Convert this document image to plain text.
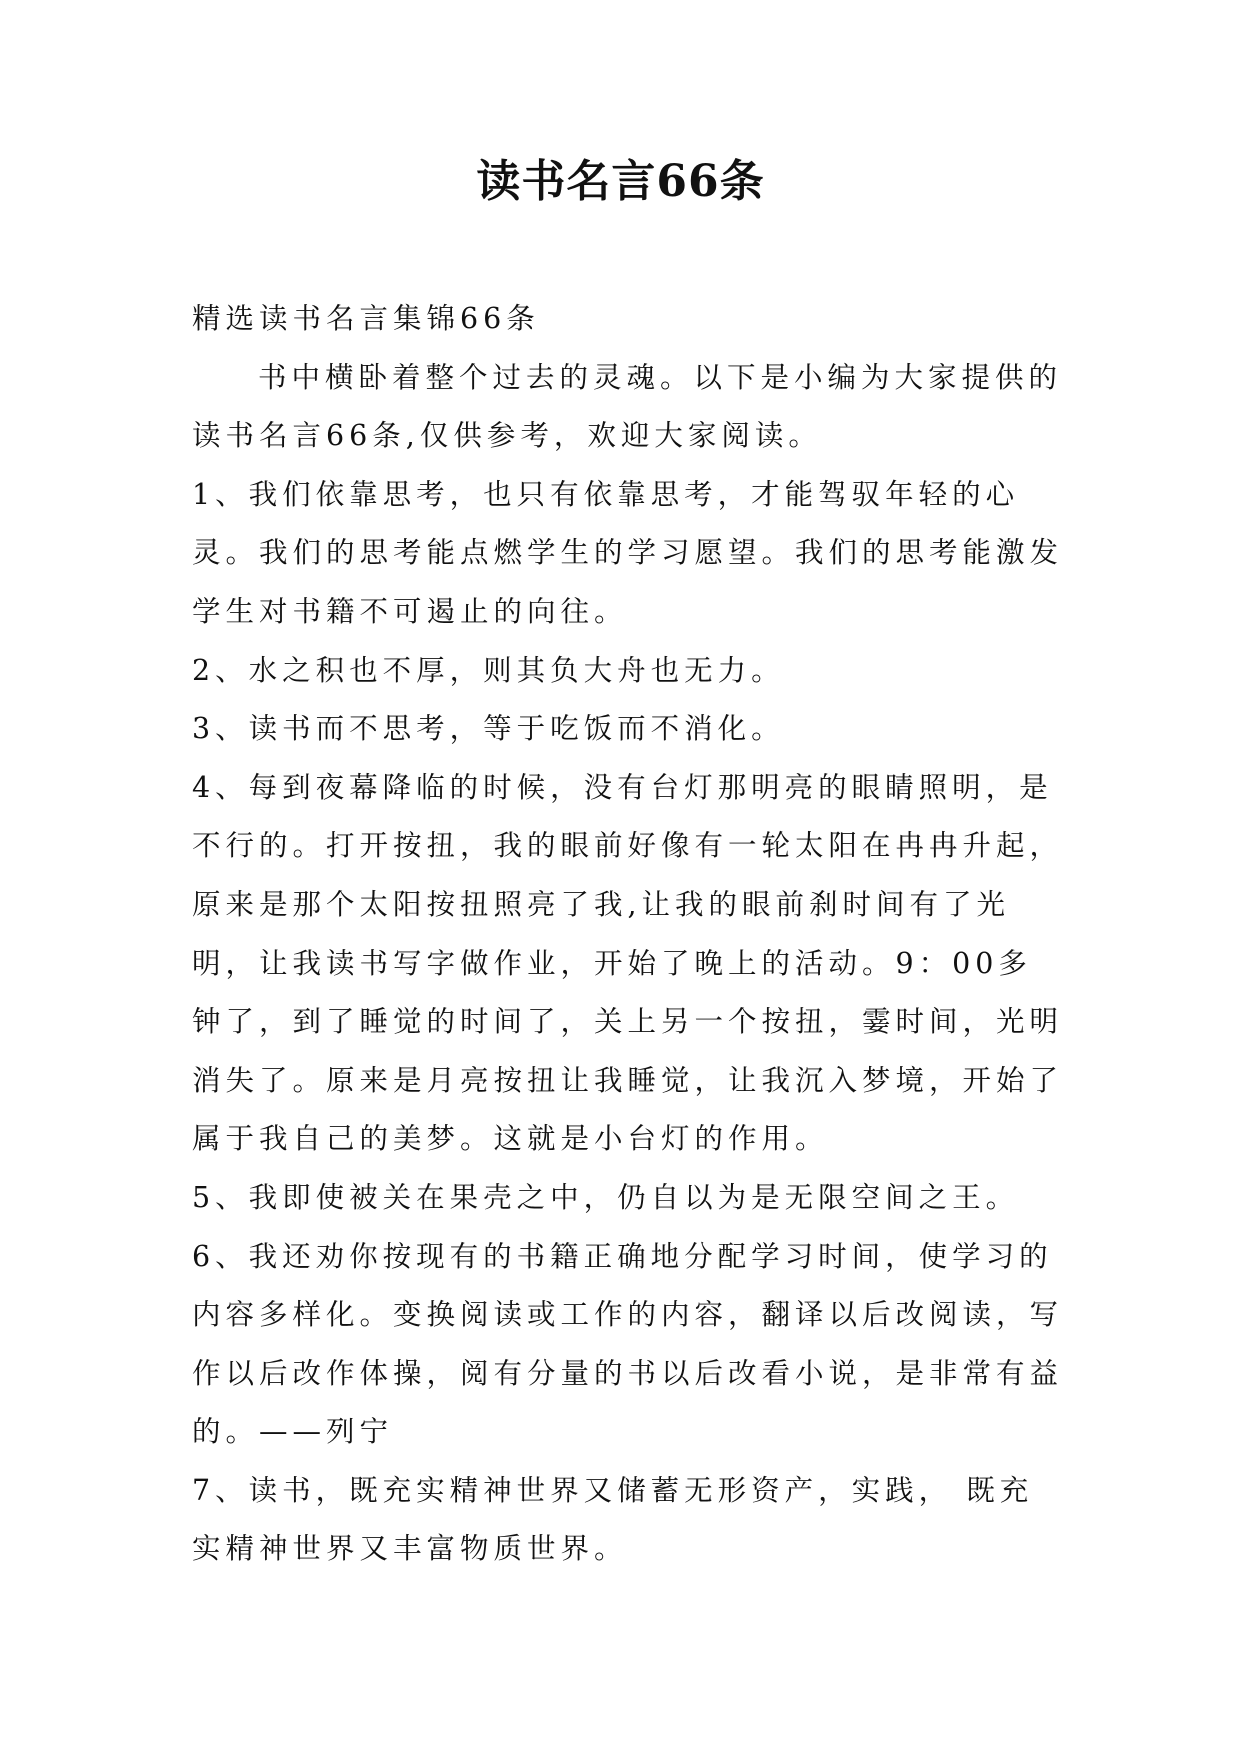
读书名言66条

精选读书名言集锦66条

书中横卧着整个过去的灵魂。以下是小编为大家提供的读书名言66条,仅供参考，欢迎大家阅读。

1、我们依靠思考，也只有依靠思考，才能驾驭年轻的心灵。我们的思考能点燃学生的学习愿望。我们的思考能激发学生对书籍不可遏止的向往。

2、水之积也不厚，则其负大舟也无力。

3、读书而不思考，等于吃饭而不消化。

4、每到夜幕降临的时候，没有台灯那明亮的眼睛照明，是不行的。打开按扭，我的眼前好像有一轮太阳在冉冉升起，原来是那个太阳按扭照亮了我,让我的眼前刹时间有了光明，让我读书写字做作业，开始了晚上的活动。9：00多钟了，到了睡觉的时间了，关上另一个按扭，霎时间，光明消失了。原来是月亮按扭让我睡觉，让我沉入梦境，开始了属于我自己的美梦。这就是小台灯的作用。

5、我即使被关在果壳之中，仍自以为是无限空间之王。

6、我还劝你按现有的书籍正确地分配学习时间，使学习的内容多样化。变换阅读或工作的内容，翻译以后改阅读，写作以后改作体操，阅有分量的书以后改看小说，是非常有益的。——列宁

7、读书，既充实精神世界又储蓄无形资产，实践， 既充实精神世界又丰富物质世界。
